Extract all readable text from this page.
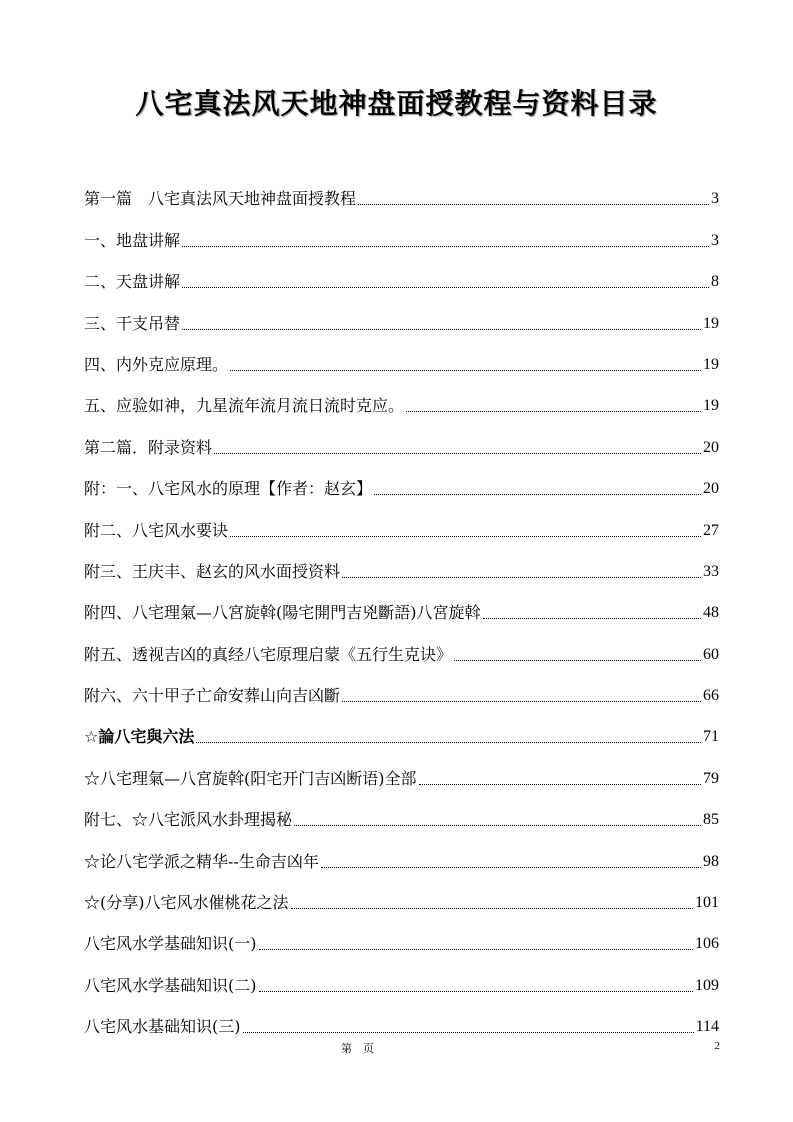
八宅真法风天地神盘面授教程与资料目录
第一篇　八宅真法风天地神盘面授教程	3
一、地盘讲解	3
二、天盘讲解	8
三、干支吊替	19
四、内外克应原理。	19
五、应验如神，九星流年流月流日流时克应。	19
第二篇．附录资料	20
附：一、八宅风水的原理【作者：赵玄】	20
附二、八宅风水要诀	27
附三、王庆丰、赵玄的风水面授资料	33
附四、八宅理氣—八宮旋斡(陽宅開門吉兇斷語)八宮旋斡	48
附五、透视吉凶的真经八宅原理启蒙《五行生克诀》	60
附六、六十甲子亡命安葬山向吉凶斷	66
☆論八宅與六法	71
☆八宅理氣—八宮旋斡(阳宅开门吉凶断语)全部	79
附七、☆八宅派风水卦理揭秘	85
☆论八宅学派之精华--生命吉凶年	98
☆(分享)八宅风水催桃花之法	101
八宅风水学基础知识(一)	106
八宅风水学基础知识(二)	109
八宅风水基础知识(三)	114
第　页	2
